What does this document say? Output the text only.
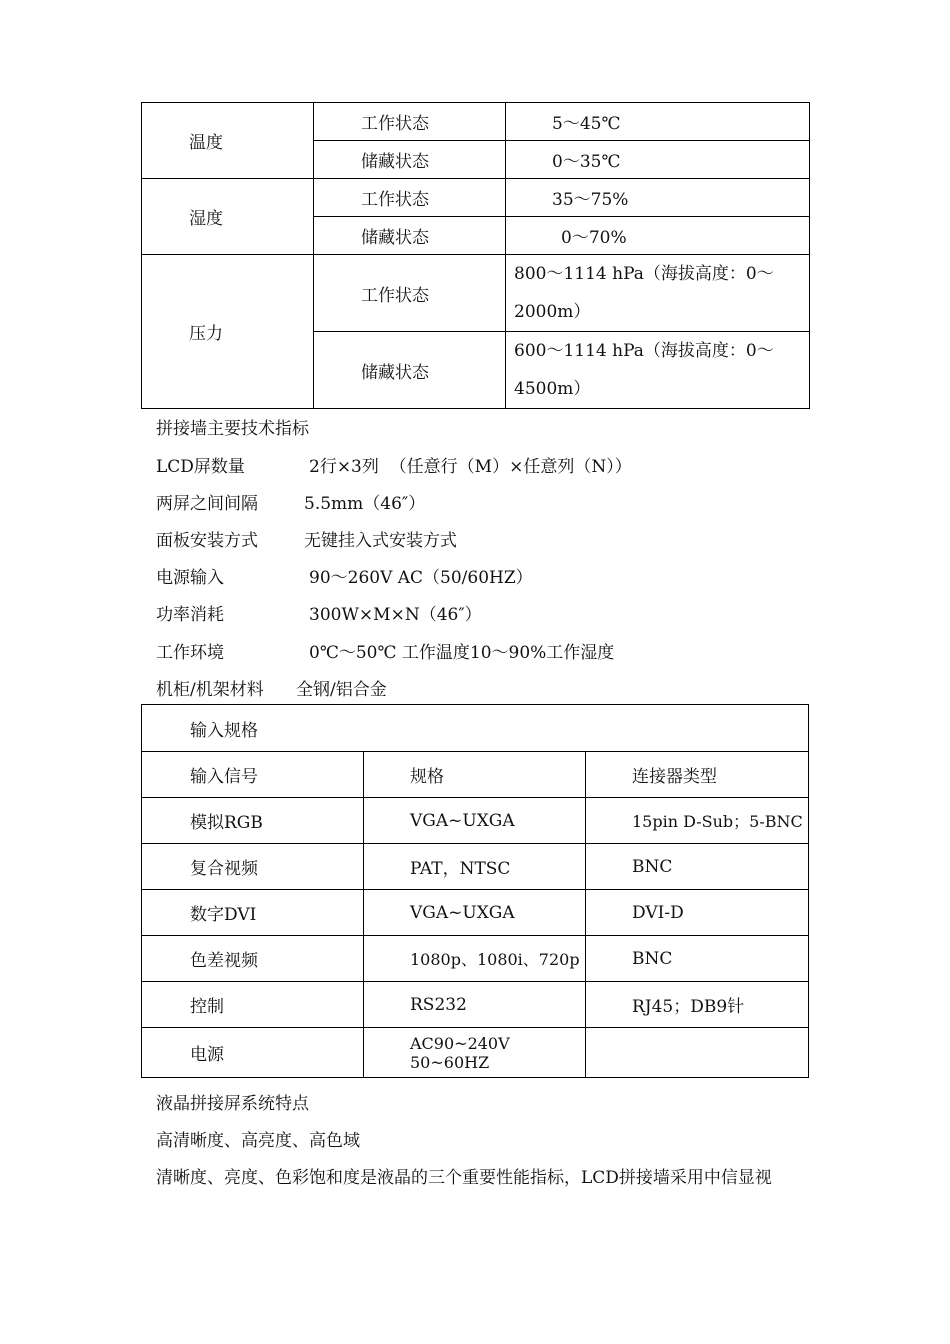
温度	工作状态	5～45℃
	储藏状态	0～35℃
湿度	工作状态	35～75%
	储藏状态	0～70%
压力	工作状态	800～1114 hPa（海拔高度：0～
2000m）

	储藏状态	600～1114 hPa（海拔高度：0～
4500m）
拼接墙主要技术指标
LCD屏数量	2行×3列  （任意行（M）×任意列（N））
两屏之间间隔	5.5mm（46″）
面板安装方式	无键挂入式安装方式
电源输入	90～260V AC（50/60HZ）
功率消耗	300W×M×N（46″）
工作环境	0℃～50℃ 工作温度10～90%工作湿度
机柜/机架材料 全钢/铝合金
输入规格		
输入信号	规格	连接器类型
模拟RGB	VGA~UXGA	15pin D-Sub；5-BNC
复合视频	PAT，NTSC	BNC
数字DVI	VGA~UXGA	DVI-D
色差视频	1080p、1080i、720p	BNC
控制	RS232	RJ45；DB9针
电源	AC90~240V 50~60HZ	
液晶拼接屏系统特点
高清晰度、高亮度、高色域
清晰度、亮度、色彩饱和度是液晶的三个重要性能指标，LCD拼接墙采用中信显视
